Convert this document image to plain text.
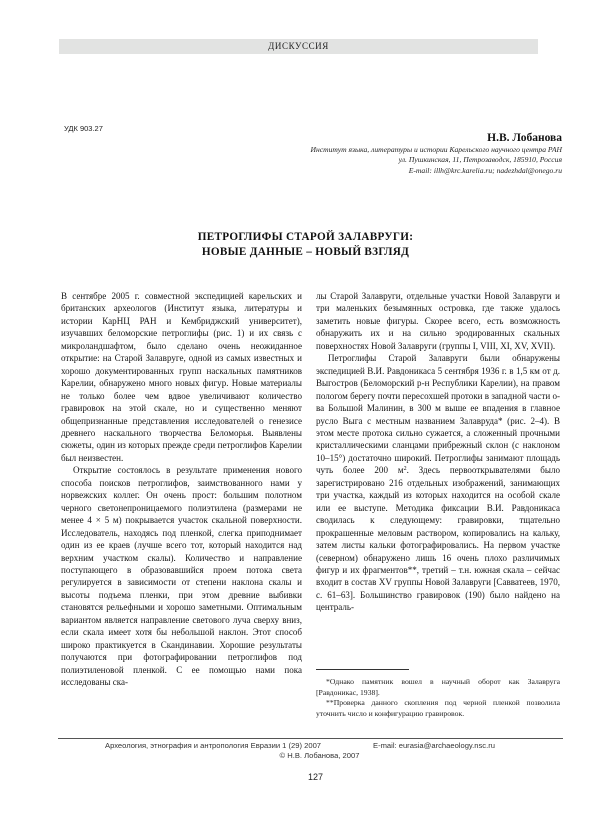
ДИСКУССИЯ
УДК 903.27
Н.В. Лобанова
Институт языка, литературы и истории Карельского научного центра РАН
ул. Пушкинская, 11, Петрозаводск, 185910, Россия
E-mail: illh@krc.karelia.ru; nadezhdal@onego.ru
ПЕТРОГЛИФЫ СТАРОЙ ЗАЛАВРУГИ:
НОВЫЕ ДАННЫЕ – НОВЫЙ ВЗГЛЯД

В сентябре 2005 г. совместной экспедицией карельских и британских археологов (Институт языка, литературы и истории КарНЦ РАН и Кембриджский университет), изучавших беломорские петроглифы (рис. 1) и их связь с микроландшафтом, было сделано очень неожиданное открытие: на Старой Залавруге, одной из самых известных и хорошо документированных групп наскальных памятников Карелии, обнаружено много новых фигур. Новые материалы не только более чем вдвое увеличивают количество гравировок на этой скале, но и существенно меняют общепризнанные представления исследователей о генезисе древнего наскального творчества Беломорья. Выявлены сюжеты, один из которых прежде среди петроглифов Карелии был неизвестен.

Открытие состоялось в результате применения нового способа поисков петроглифов, заимствованного нами у норвежских коллег. Он очень прост: большим полотном черного светонепроницаемого полиэтилена (размерами не менее 4 × 5 м) покрывается участок скальной поверхности. Исследователь, находясь под пленкой, слегка приподнимает один из ее краев (лучше всего тот, который находится над верхним участком скалы). Количество и направление поступающего в образовавшийся проем потока света регулируется в зависимости от степени наклона скалы и высоты подъема пленки, при этом древние выбивки становятся рельефными и хорошо заметными. Оптимальным вариантом является направление светового луча сверху вниз, если скала имеет хотя бы небольшой наклон. Этот способ широко практикуется в Скандинавии. Хорошие результаты получаются при фотографировании петроглифов под полиэтиленовой пленкой. С ее помощью нами пока исследованы ска-

лы Старой Залавруги, отдельные участки Новой Залавруги и три маленьких безымянных островка, где также удалось заметить новые фигуры. Скорее всего, есть возможность обнаружить их и на сильно эродированных скальных поверхностях Новой Залавруги (группы I, VIII, XI, XV, XVII).

Петроглифы Старой Залавруги были обнаружены экспедицией В.И. Равдоникаса 5 сентября 1936 г. в 1,5 км от д. Выгостров (Беломорский р-н Республики Карелии), на правом пологом берегу почти пересохшей протоки в западной части о-ва Большой Малинин, в 300 м выше ее впадения в главное русло Выга с местным названием Залавруда* (рис. 2–4). В этом месте протока сильно сужается, а сложенный прочными кристаллическими сланцами прибрежный склон (с наклоном 10–15°) достаточно широкий. Петроглифы занимают площадь чуть более 200 $м^2$. Здесь первооткрывателями было зарегистрировано 216 отдельных изображений, занимающих три участка, каждый из которых находится на особой скале или ее выступе. Методика фиксации В.И. Равдоникаса сводилась к следующему: гравировки, тщательно прокрашенные меловым раствором, копировались на кальку, затем листы кальки фотографировались. На первом участке (северном) обнаружено лишь 16 очень плохо различимых фигур и их фрагментов**, третий – т.н. южная скала – сейчас входит в состав XV группы Новой Залавруги [Савватеев, 1970, с. 61–63]. Большинство гравировок (190) было найдено на централь-

*Однако памятник вошел в научный оборот как Залавруга [Равдоникас, 1938].

**Проверка данного скопления под черной пленкой позволила уточнить число и конфигурацию гравировок.

Археология, этнография и антропология Евразии 1 (29) 2007	E-mail: eurasia@archaeology.nsc.ru
© Н.В. Лобанова, 2007
127
